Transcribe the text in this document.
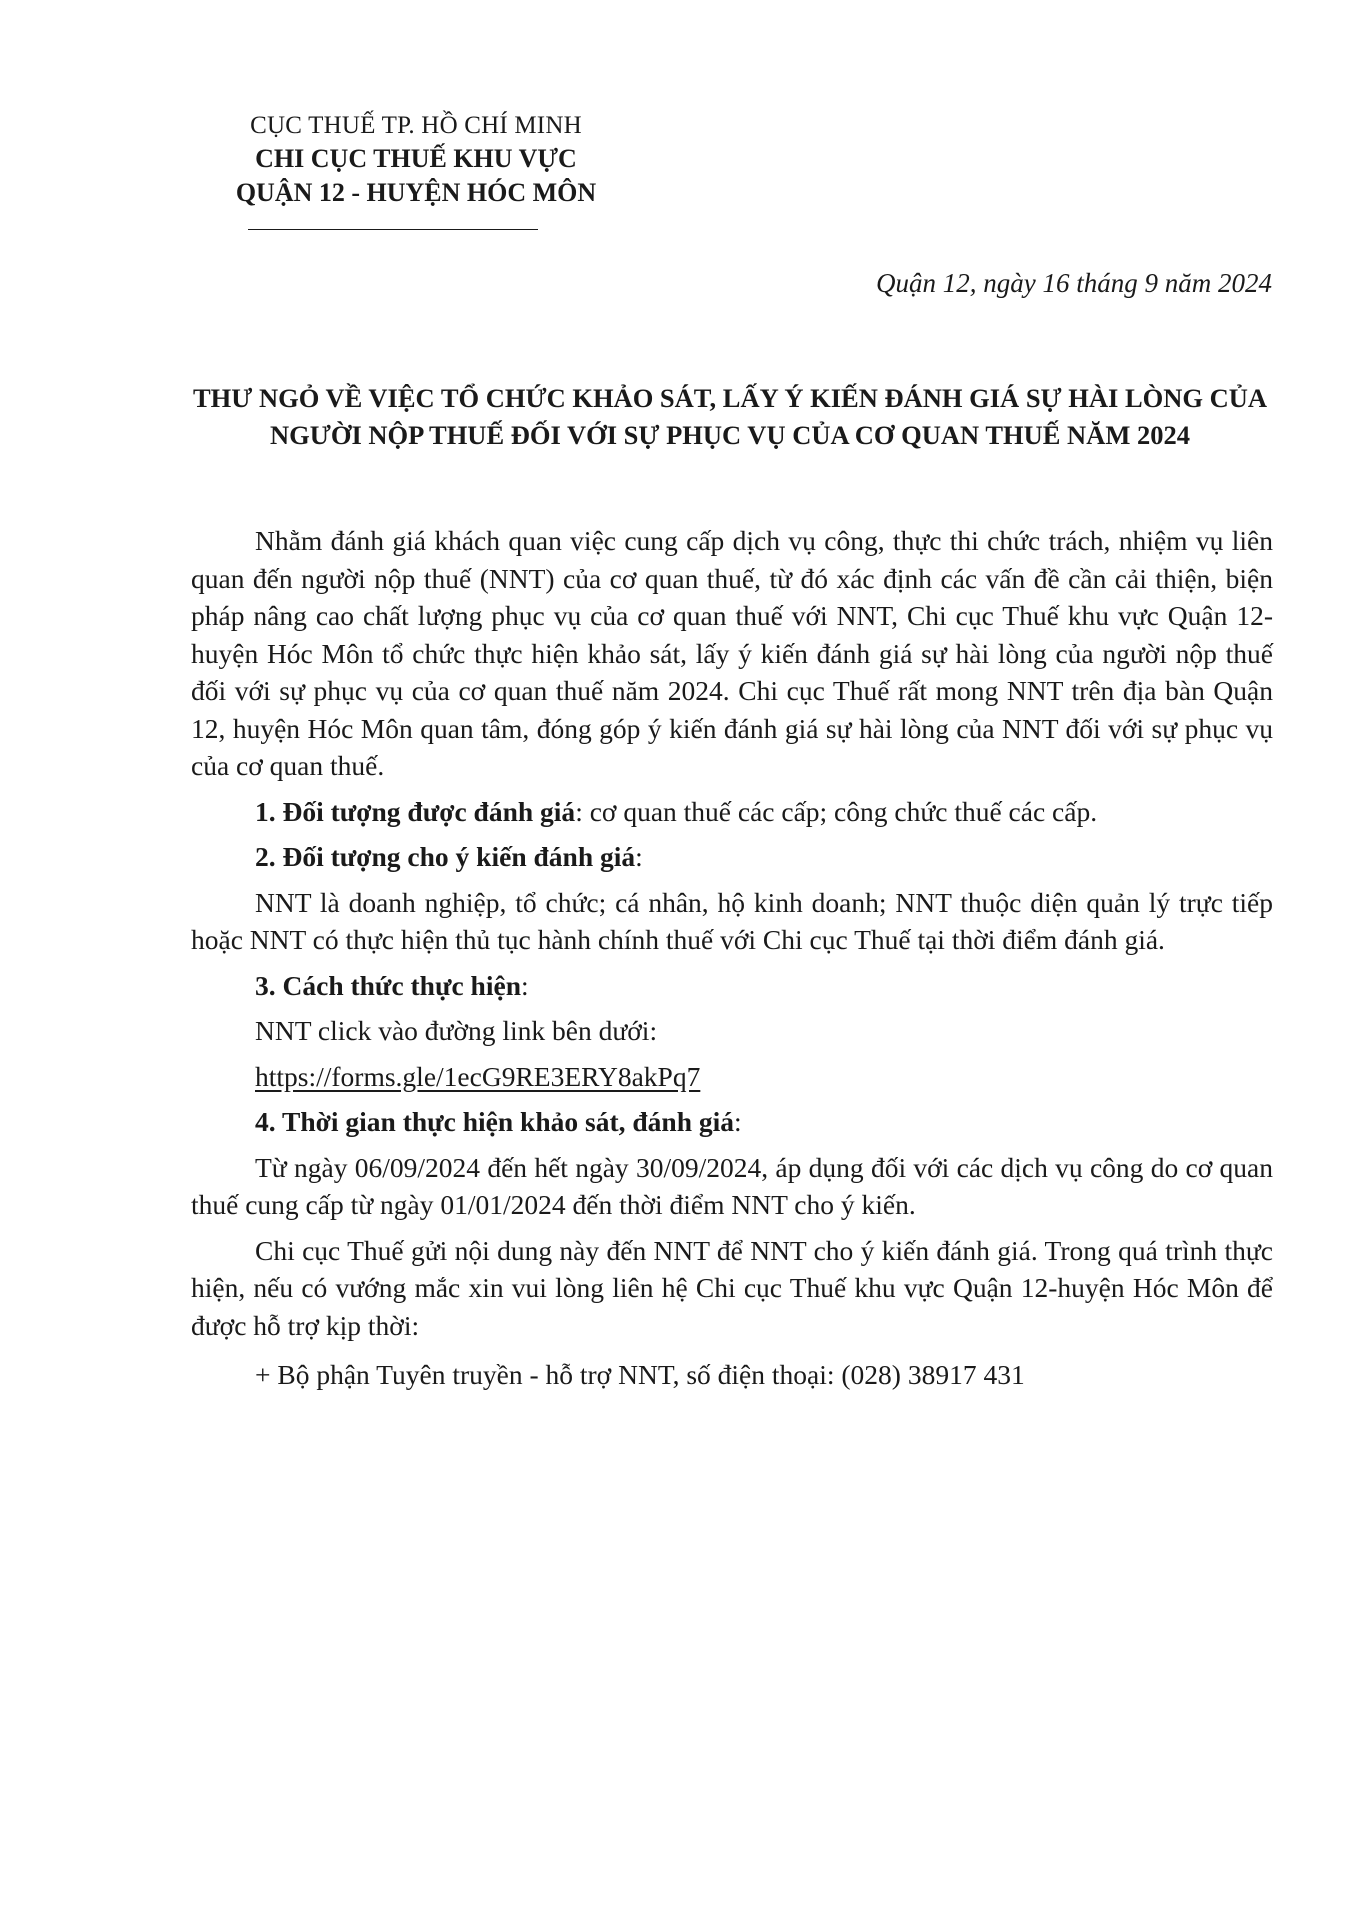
CỤC THUẾ TP. HỒ CHÍ MINH
CHI CỤC THUẾ KHU VỰC
QUẬN 12 - HUYỆN HÓC MÔN
Quận 12, ngày 16 tháng 9 năm 2024
THƯ NGỎ VỀ VIỆC TỔ CHỨC KHẢO SÁT, LẤY Ý KIẾN ĐÁNH GIÁ SỰ HÀI LÒNG CỦA NGƯỜI NỘP THUẾ ĐỐI VỚI SỰ PHỤC VỤ CỦA CƠ QUAN THUẾ NĂM 2024

Nhằm đánh giá khách quan việc cung cấp dịch vụ công, thực thi chức trách, nhiệm vụ liên quan đến người nộp thuế (NNT) của cơ quan thuế, từ đó xác định các vấn đề cần cải thiện, biện pháp nâng cao chất lượng phục vụ của cơ quan thuế với NNT, Chi cục Thuế khu vực Quận 12-huyện Hóc Môn tổ chức thực hiện khảo sát, lấy ý kiến đánh giá sự hài lòng của người nộp thuế đối với sự phục vụ của cơ quan thuế năm 2024. Chi cục Thuế rất mong NNT trên địa bàn Quận 12, huyện Hóc Môn quan tâm, đóng góp ý kiến đánh giá sự hài lòng của NNT đối với sự phục vụ của cơ quan thuế.

1. Đối tượng được đánh giá: cơ quan thuế các cấp; công chức thuế các cấp.

2. Đối tượng cho ý kiến đánh giá:

NNT là doanh nghiệp, tổ chức; cá nhân, hộ kinh doanh; NNT thuộc diện quản lý trực tiếp hoặc NNT có thực hiện thủ tục hành chính thuế với Chi cục Thuế tại thời điểm đánh giá.

3. Cách thức thực hiện:

NNT click vào đường link bên dưới:

https://forms.gle/1ecG9RE3ERY8akPq7

4. Thời gian thực hiện khảo sát, đánh giá:

Từ ngày 06/09/2024 đến hết ngày 30/09/2024, áp dụng đối với các dịch vụ công do cơ quan thuế cung cấp từ ngày 01/01/2024 đến thời điểm NNT cho ý kiến.

Chi cục Thuế gửi nội dung này đến NNT để NNT cho ý kiến đánh giá. Trong quá trình thực hiện, nếu có vướng mắc xin vui lòng liên hệ Chi cục Thuế khu vực Quận 12-huyện Hóc Môn để được hỗ trợ kịp thời:

+ Bộ phận Tuyên truyền - hỗ trợ NNT, số điện thoại: (028) 38917 431
